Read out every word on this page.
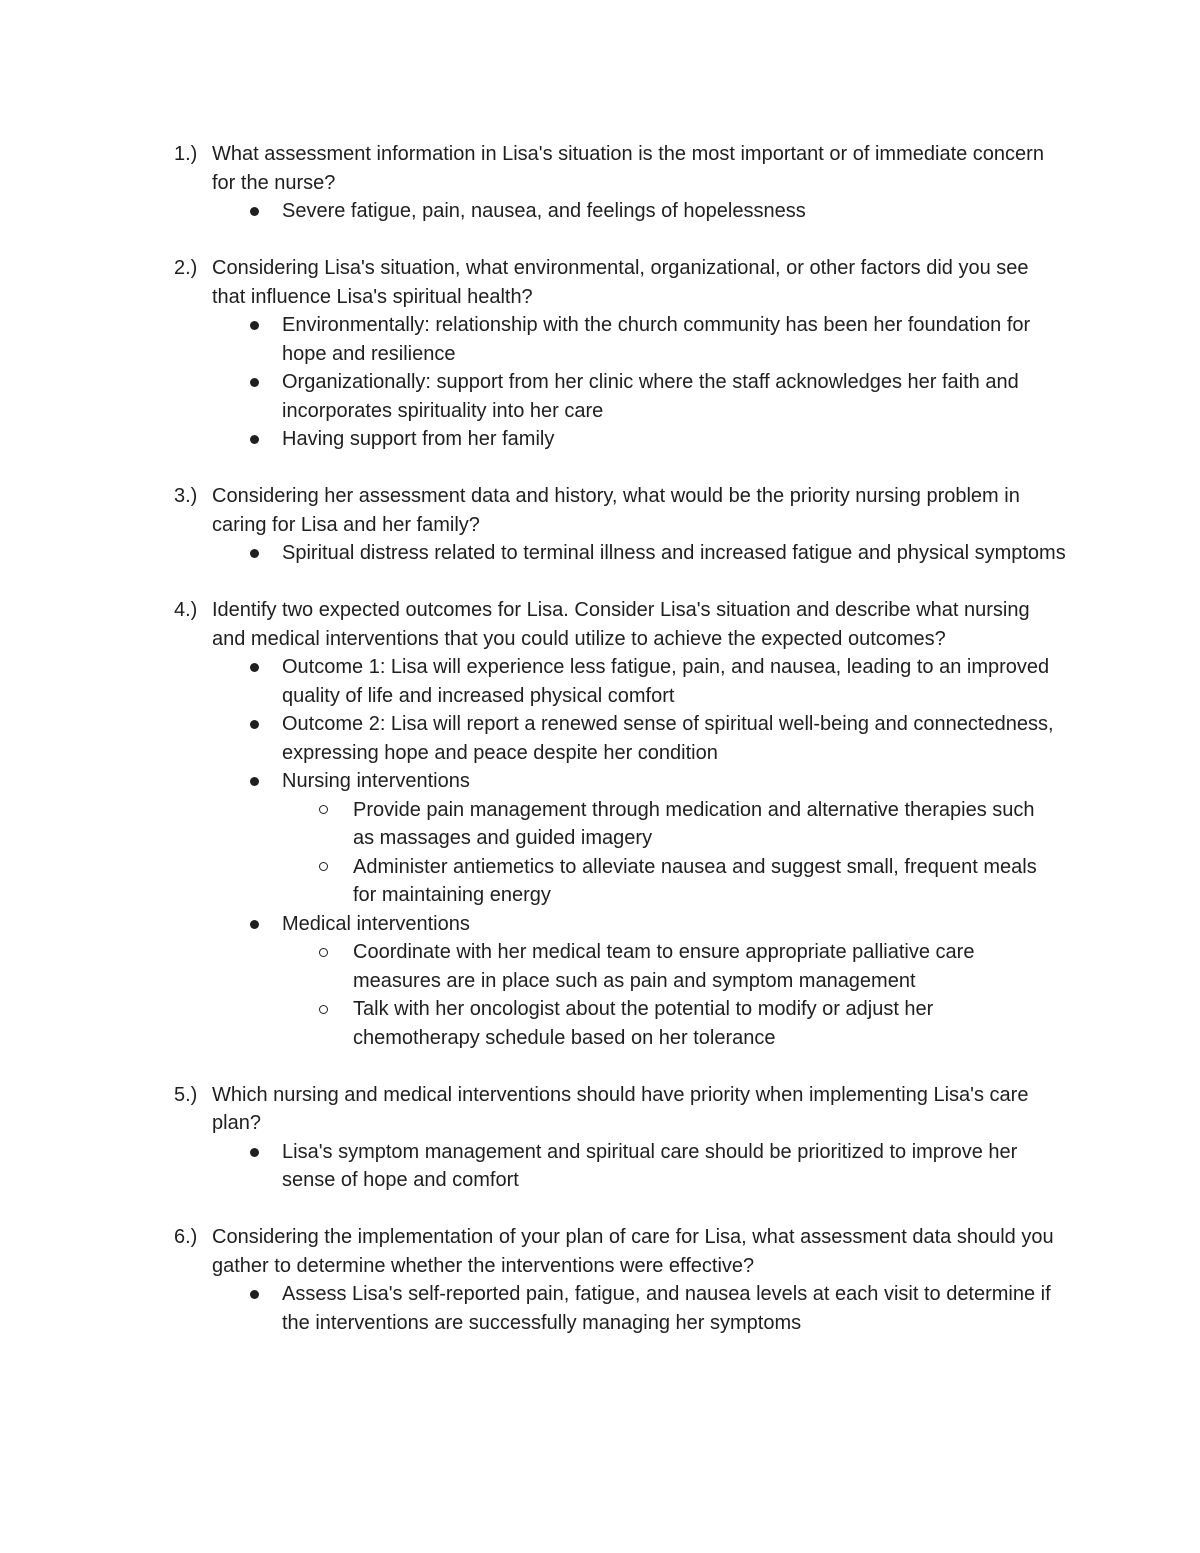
1.) What assessment information in Lisa's situation is the most important or of immediate concern for the nurse?
Severe fatigue, pain, nausea, and feelings of hopelessness
2.) Considering Lisa's situation, what environmental, organizational, or other factors did you see that influence Lisa's spiritual health?
Environmentally: relationship with the church community has been her foundation for hope and resilience
Organizationally: support from her clinic where the staff acknowledges her faith and incorporates spirituality into her care
Having support from her family
3.) Considering her assessment data and history, what would be the priority nursing problem in caring for Lisa and her family?
Spiritual distress related to terminal illness and increased fatigue and physical symptoms
4.) Identify two expected outcomes for Lisa. Consider Lisa's situation and describe what nursing and medical interventions that you could utilize to achieve the expected outcomes?
Outcome 1: Lisa will experience less fatigue, pain, and nausea, leading to an improved quality of life and increased physical comfort
Outcome 2: Lisa will report a renewed sense of spiritual well-being and connectedness, expressing hope and peace despite her condition
Nursing interventions
Provide pain management through medication and alternative therapies such as massages and guided imagery
Administer antiemetics to alleviate nausea and suggest small, frequent meals for maintaining energy
Medical interventions
Coordinate with her medical team to ensure appropriate palliative care measures are in place such as pain and symptom management
Talk with her oncologist about the potential to modify or adjust her chemotherapy schedule based on her tolerance
5.) Which nursing and medical interventions should have priority when implementing Lisa's care plan?
Lisa's symptom management and spiritual care should be prioritized to improve her sense of hope and comfort
6.) Considering the implementation of your plan of care for Lisa, what assessment data should you gather to determine whether the interventions were effective?
Assess Lisa's self-reported pain, fatigue, and nausea levels at each visit to determine if the interventions are successfully managing her symptoms
